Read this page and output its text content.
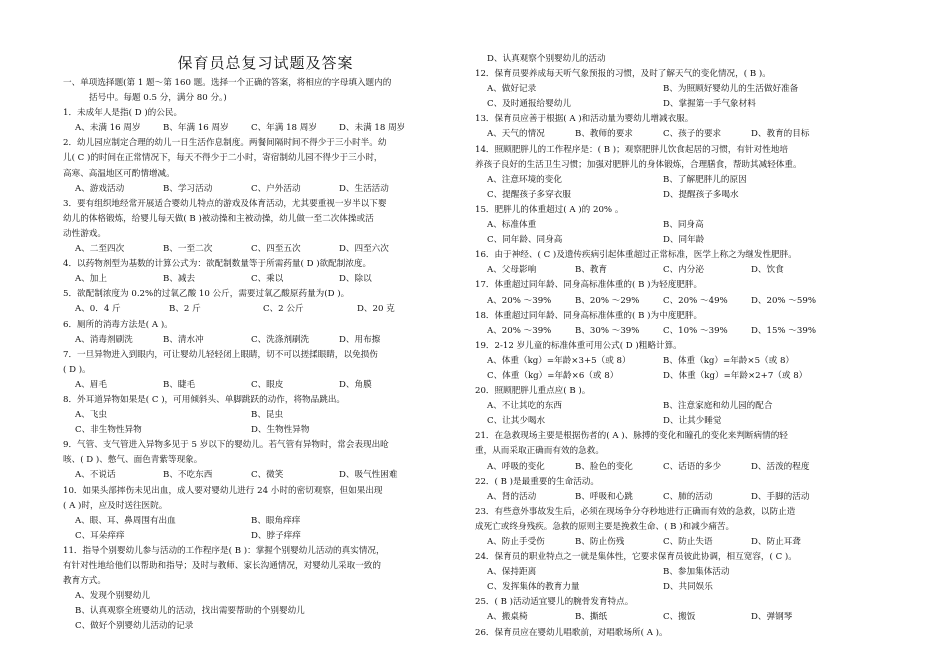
保育员总复习试题及答案
一、单项选择题(第 1 题～第 160 题。选择一个正确的答案，将相应的字母填入题内的
括号中。每题 0.5 分，满分 80 分。)
1．未成年人是指( D )的公民。
A、未满 16 周岁	B、年满 16 周岁	C、年满 18 周岁	D、未满 18 周岁
2．幼儿园应制定合理的幼儿一日生活作息制度。两餐间隔时间不得少于三小时半。幼
儿( C )的时间在正常情况下，每天不得少于二小时，寄宿制幼儿园不得少于三小时，
高寒、高温地区可酌情增减。
A、游戏活动	B、学习活动	C、户外活动	D、生活活动
3．要有组织地经常开展适合婴幼儿特点的游戏及体育活动，尤其要重视一岁半以下婴
幼儿的体格锻炼，给婴儿每天做( B )被动操和主被动操，幼儿做一至二次体操或活
动性游戏。
A、二至四次	B、一至二次	C、四至五次	D、四至六次
4．以药物剂型为基数的计算公式为：欲配制数量等于所需药量( D )欲配制浓度。
A、加上	B、减去	C、乘以	D、除以
5．欲配制浓度为 0.2%的过氧乙酸 10 公斤，需要过氧乙酸原药量为(D )。
A、0．4 斤	B、2 斤	C、2 公斤	D、20 克
6．厕所的消毒方法是( A )。
A、消毒剂刷洗	B、清水冲	C、洗涤剂刷洗	D、用布擦
7．一旦异物进入到眼内，可让婴幼儿轻轻闭上眼睛，切不可以搓揉眼睛，以免损伤
( D )。
A、眉毛	B、睫毛	C、眼皮	D、角膜
8．外耳道异物如果是( C )，可用倾斜头、单脚跳跃的动作，将物品跳出。
A、飞虫	B、昆虫
C、非生物性异物	D、生物性异物
9．气管、支气管进入异物多见于 5 岁以下的婴幼儿。若气管有异物时，常会表现出呛
咳、( D )、憋气、面色青紫等现象。
A、不说话	B、不吃东西	C、微笑	D、吸气性困难
10．如果头部摔伤未见出血，成人要对婴幼儿进行 24 小时的密切观察，但如果出现
( A )时，应及时送往医院。
A、眼、耳、鼻周围有出血	B、眼角痒痒
C、耳朵痒痒	D、脖子痒痒
11．指导个别婴幼儿参与活动的工作程序是( B )：掌握个别婴幼儿活动的真实情况，
有针对性地给他们以帮助和指导；及时与教师、家长沟通情况，对婴幼儿采取一致的
教育方式。
A、发现个别婴幼儿
B、认真观察全班婴幼儿的活动，找出需要帮助的个别婴幼儿
C、做好个别婴幼儿活动的记录
D、认真观察个别婴幼儿的活动
12．保育员要养成每天听气象预报的习惯，及时了解天气的变化情况，( B )。
A、做好记录	B、为照顾好婴幼儿的生活做好准备
C、及时通报给婴幼儿	D、掌握第一手气象材料
13．保育员应善于根据( A )和活动量为婴幼儿增减衣服。
A、天气的情况	B、教师的要求	C、孩子的要求	D、教育的目标
14．照顾肥胖儿的工作程序是：( B )；观察肥胖儿饮食起居的习惯，有针对性地培
养孩子良好的生活卫生习惯；加强对肥胖儿的身体锻炼，合理膳食，帮助其减轻体重。
A、注意环境的变化	B、了解肥胖儿的原因
C、提醒孩子多穿衣服	D、提醒孩子多喝水
15．肥胖儿的体重超过( A )的 20% 。
A、标准体重	B、同身高
C、同年龄、同身高	D、同年龄
16．由于神经、( C )及遗传疾病引起体重超过正常标准，医学上称之为继发性肥胖。
A、父母影响	B、教育	C、内分泌	D、饮食
17．体重超过同年龄、同身高标准体重的( B )为轻度肥胖。
A、20% ～39%	B、20% ～29%	C、20% ～49%	D、20% ～59%
18．体重超过同年龄、同身高标准体重的( B )为中度肥胖。
A、20% ～39%	B、30% ～39%	C、10% ～39%	D、15% ～39%
19．2-12 岁儿童的标准体重可用公式( D )粗略计算。
A、体重（kg）=年龄×3+5（或 8）	B、体重（kg）=年龄×5（或 8）
C、体重（kg）=年龄×6（或 8）	D、体重（kg）=年龄×2+7（或 8）
20．照顾肥胖儿重点应( B )。
A、不让其吃的东西	B、注意家庭和幼儿园的配合
C、让其少喝水	D、让其少睡觉
21．在急救现场主要是根据伤者的( A )、脉搏的变化和瞳孔的变化来判断病情的轻
重，从而采取正确而有效的急救。
A、呼吸的变化	B、脸色的变化	C、话语的多少	D、活泼的程度
22．( B )是最重要的生命活动。
A、肾的活动	B、呼吸和心跳	C、肺的活动	D、手脚的活动
23．有些意外事故发生后，必须在现场争分夺秒地进行正确而有效的急救，以防止造
成死亡或终身残疾。急救的原则主要是挽救生命、( B )和减少痛苦。
A、防止手受伤	B、防止伤残	C、防止失语	D、防止耳聋
24．保育员的职业特点之一就是集体性，它要求保育员彼此协调，相互宽容，( C )。
A、保持距离	B、参加集体活动
C、发挥集体的教育力量	D、共同娱乐
25．( B )活动适宜婴儿的腕骨发育特点。
A、搬桌椅	B、撕纸	C、搬饭	D、弹钢琴
26．保育员应在婴幼儿唱歌前，对唱歌场所( A )。
